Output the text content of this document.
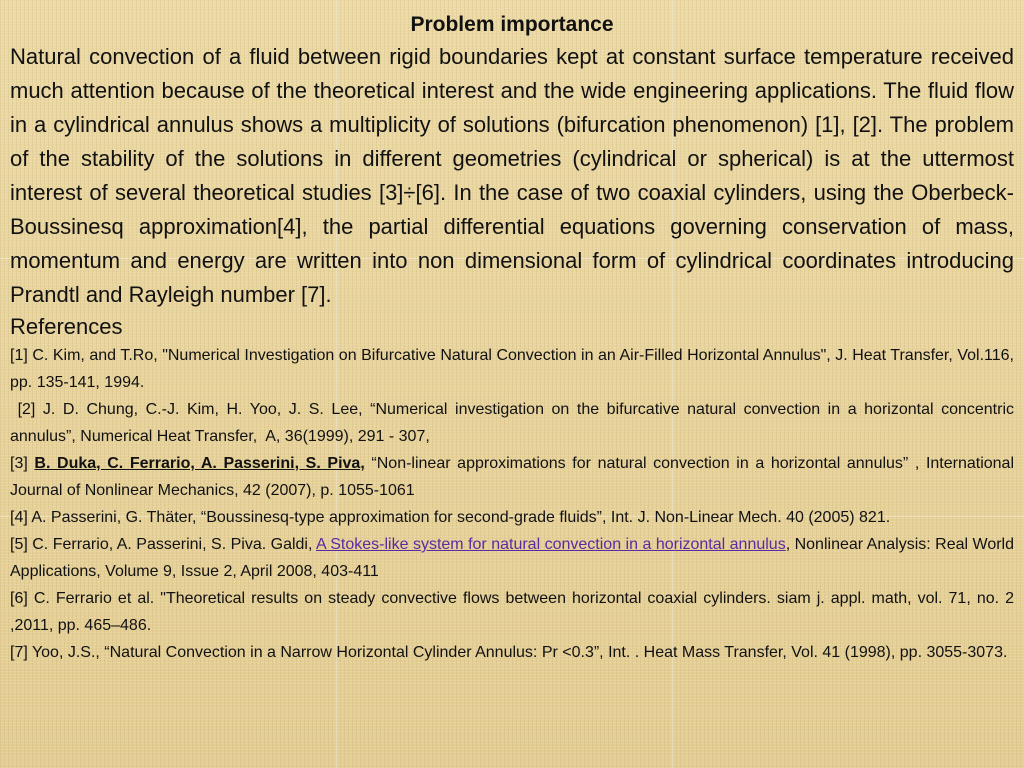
Problem importance

Natural convection of a fluid between rigid boundaries kept at constant surface temperature received much attention because of the theoretical interest and the wide engineering applications. The fluid flow in a cylindrical annulus shows a multiplicity of solutions (bifurcation phenomenon) [1], [2]. The problem of the stability of the solutions in different geometries (cylindrical or spherical) is at the uttermost interest of several theoretical studies [3]÷[6]. In the case of two coaxial cylinders, using the Oberbeck-Boussinesq approximation[4], the partial differential equations governing conservation of mass, momentum and energy are written into non dimensional form of cylindrical coordinates introducing Prandtl and Rayleigh number [7].

References

[1] C. Kim, and T.Ro, "Numerical Investigation on Bifurcative Natural Convection in an Air-Filled Horizontal Annulus", J. Heat Transfer, Vol.116, pp. 135-141, 1994.

[2] J. D. Chung, C.-J. Kim, H. Yoo, J. S. Lee, “Numerical investigation on the bifurcative natural convection in a horizontal concentric annulus”, Numerical Heat Transfer,  A, 36(1999), 291 - 307,

[3] B. Duka, C. Ferrario, A. Passerini, S. Piva, “Non-linear approximations for natural convection in a horizontal annulus” , International Journal of Nonlinear Mechanics, 42 (2007), p. 1055-1061

[4] A. Passerini, G. Thäter, “Boussinesq-type approximation for second-grade fluids”, Int. J. Non-Linear Mech. 40 (2005) 821.

[5] C. Ferrario, A. Passerini, S. Piva. Galdi, A Stokes-like system for natural convection in a horizontal annulus, Nonlinear Analysis: Real World Applications, Volume 9, Issue 2, April 2008, 403-411

[6] C. Ferrario et al. "Theoretical results on steady convective flows between horizontal coaxial cylinders. siam j. appl. math, vol. 71, no. 2 ,2011, pp. 465–486.

[7] Yoo, J.S., “Natural Convection in a Narrow Horizontal Cylinder Annulus: Pr <0.3”, Int. . Heat Mass Transfer, Vol. 41 (1998), pp. 3055-3073.
